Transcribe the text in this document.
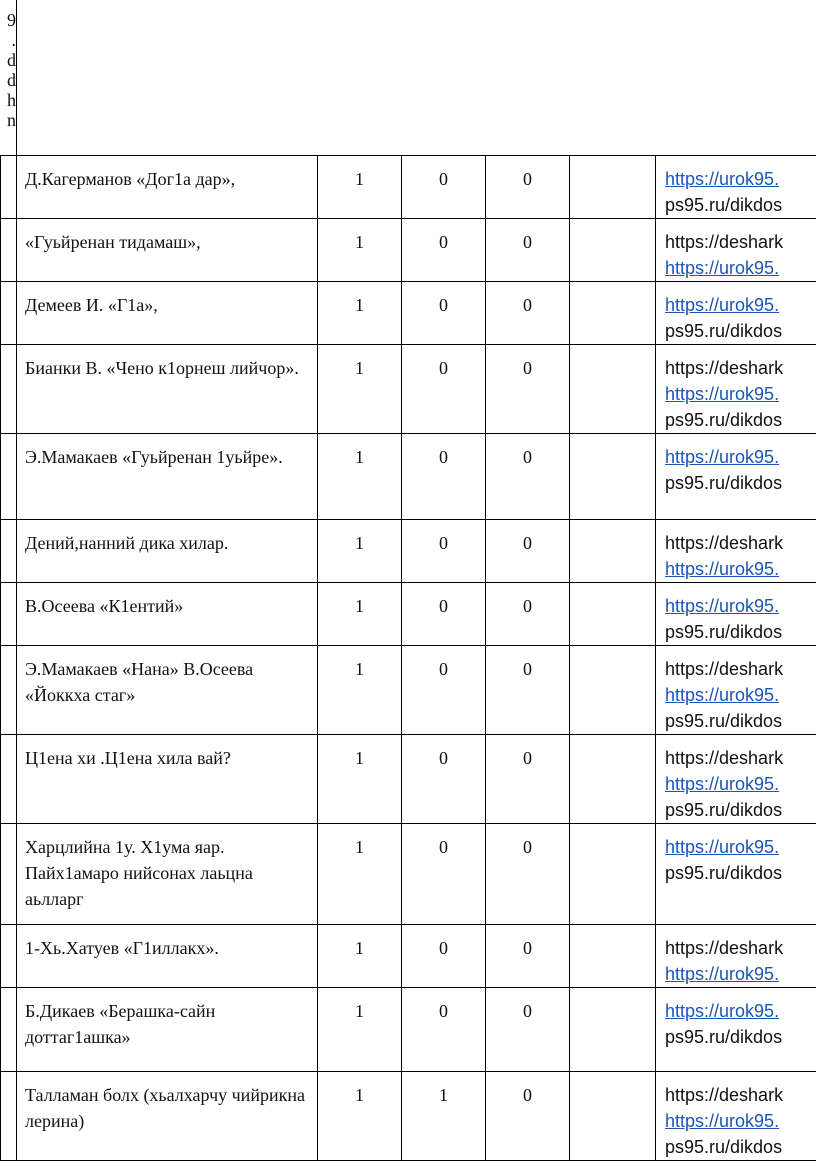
9
.
d
d
h
n
	Д.Кагерманов «Дог1а дар»,	1	0	0		https://urok95.
ps95.ru/dikdos

	«Гуьйренан тидамаш»,	1	0	0		https://deshark
https://urok95.

	Демеев И. «Г1а»,	1	0	0		https://urok95.
ps95.ru/dikdos

	Бианки В. «Чено к1орнеш лийчор».	1	0	0		https://deshark
https://urok95.
ps95.ru/dikdos

	Э.Мамакаев «Гуьйренан 1уьйре».	1	0	0		https://urok95.
ps95.ru/dikdos

	Дений,нанний дика хилар.	1	0	0		https://deshark
https://urok95.

	В.Осеева «К1ентий»	1	0	0		https://urok95.
ps95.ru/dikdos

	Э.Мамакаев «Нана» В.Осеева «Йоккха стаг»	1	0	0		https://deshark
https://urok95.
ps95.ru/dikdos

	Ц1ена хи .Ц1ена хила вай?	1	0	0		https://deshark
https://urok95.
ps95.ru/dikdos

	Харцлийна 1у. Х1ума яар. Пайх1амаро нийсонах лаьцна аьлларг	1	0	0		https://urok95.
ps95.ru/dikdos

	1-Хь.Хатуев «Г1иллакх».	1	0	0		https://deshark
https://urok95.

	Б.Дикаев «Берашка-сайн доттаг1ашка»	1	0	0		https://urok95.
ps95.ru/dikdos

	Талламан болх (хьалхарчу чийрикна лерина)	1	1	0		https://deshark
https://urok95.
ps95.ru/dikdos
